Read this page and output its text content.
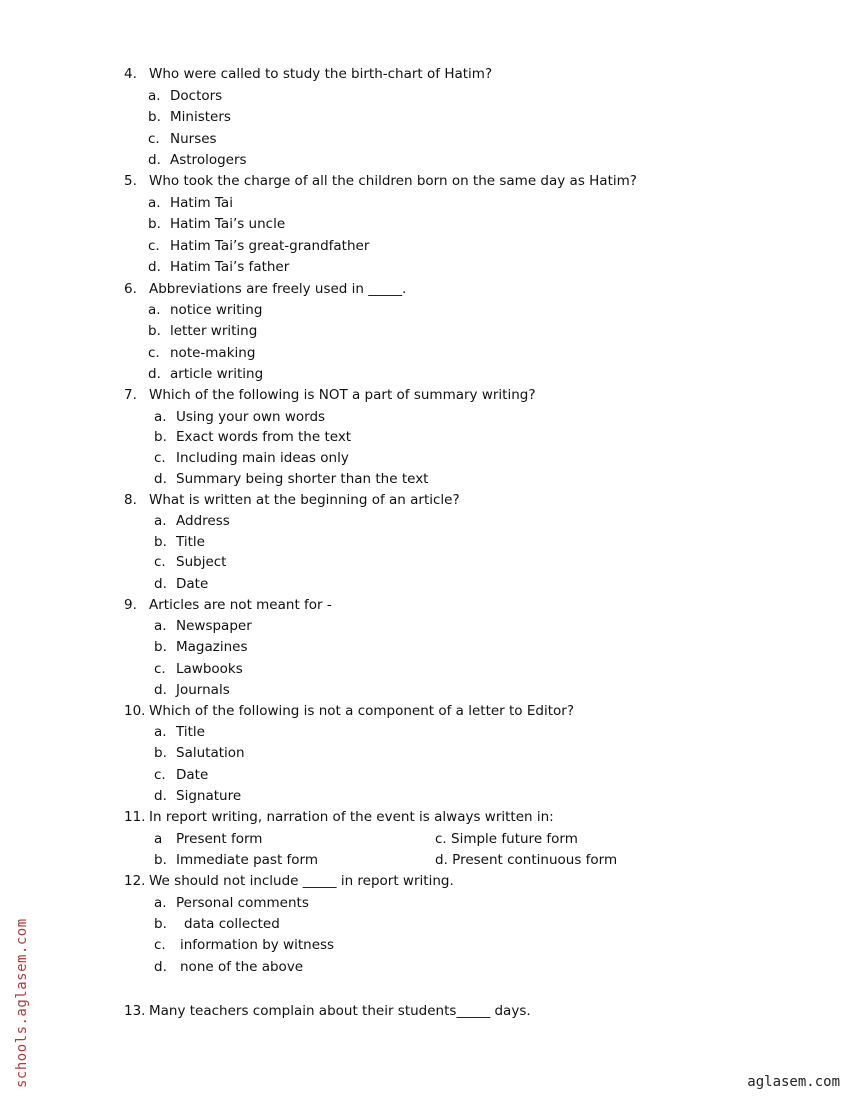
4. Who were called to study the birth-chart of Hatim?
a. Doctors
b. Ministers
c. Nurses
d. Astrologers
5. Who took the charge of all the children born on the same day as Hatim?
a. Hatim Tai
b. Hatim Tai’s uncle
c. Hatim Tai’s great-grandfather
d. Hatim Tai’s father
6. Abbreviations are freely used in _____.
a. notice writing
b. letter writing
c. note-making
d. article writing
7. Which of the following is NOT a part of summary writing?
a. Using your own words
b. Exact words from the text
c. Including main ideas only
d. Summary being shorter than the text
8. What is written at the beginning of an article?
a. Address
b. Title
c. Subject
d. Date
9. Articles are not meant for -
a. Newspaper
b. Magazines
c. Lawbooks
d. Journals
10. Which of the following is not a component of a letter to Editor?
a. Title
b. Salutation
c. Date
d. Signature
11. In report writing, narration of the event is always written in:
a Present form
b. Immediate past form
c. Simple future form
d. Present continuous form
12. We should not include _____ in report writing.
a. Personal comments
b. data collected
c. information by witness
d. none of the above
13. Many teachers complain about their students_____ days.
schools.aglasem.com	aglasem.com
